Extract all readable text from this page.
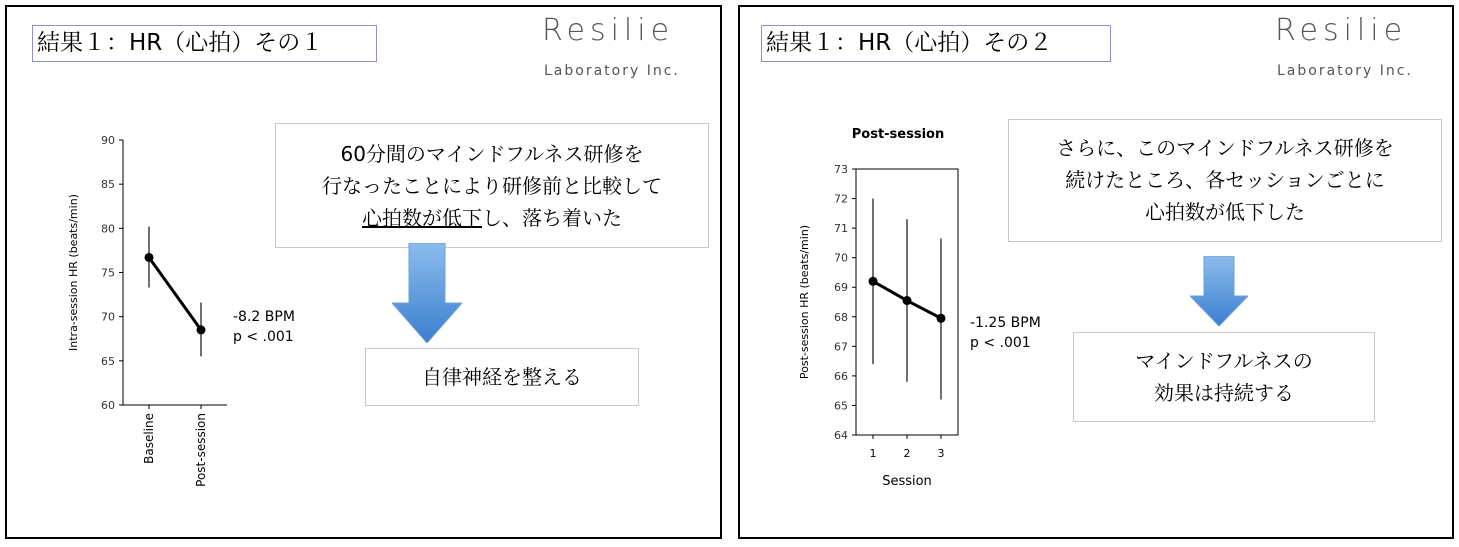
結果１：HR（心拍）その１	Resilie
Laboratory Inc.
60
65
70
75
80
85
90
Intra-session HR (beats/min)
Baseline	Post-session
-8.2 BPM
p < .001
60分間のマインドフルネス研修を
行なったことにより研修前と比較して
心拍数が低下し、落ち着いた
自律神経を整える
結果１：HR（心拍）その２	Resilie
Laboratory Inc.
Post-session
64
65
66
67
68
69
70
71
72
73
Post-session HR (beats/min)
1 2 3
Session
-1.25 BPM
p < .001
さらに、このマインドフルネス研修を
続けたところ、各セッションごとに
心拍数が低下した
マインドフルネスの
効果は持続する
